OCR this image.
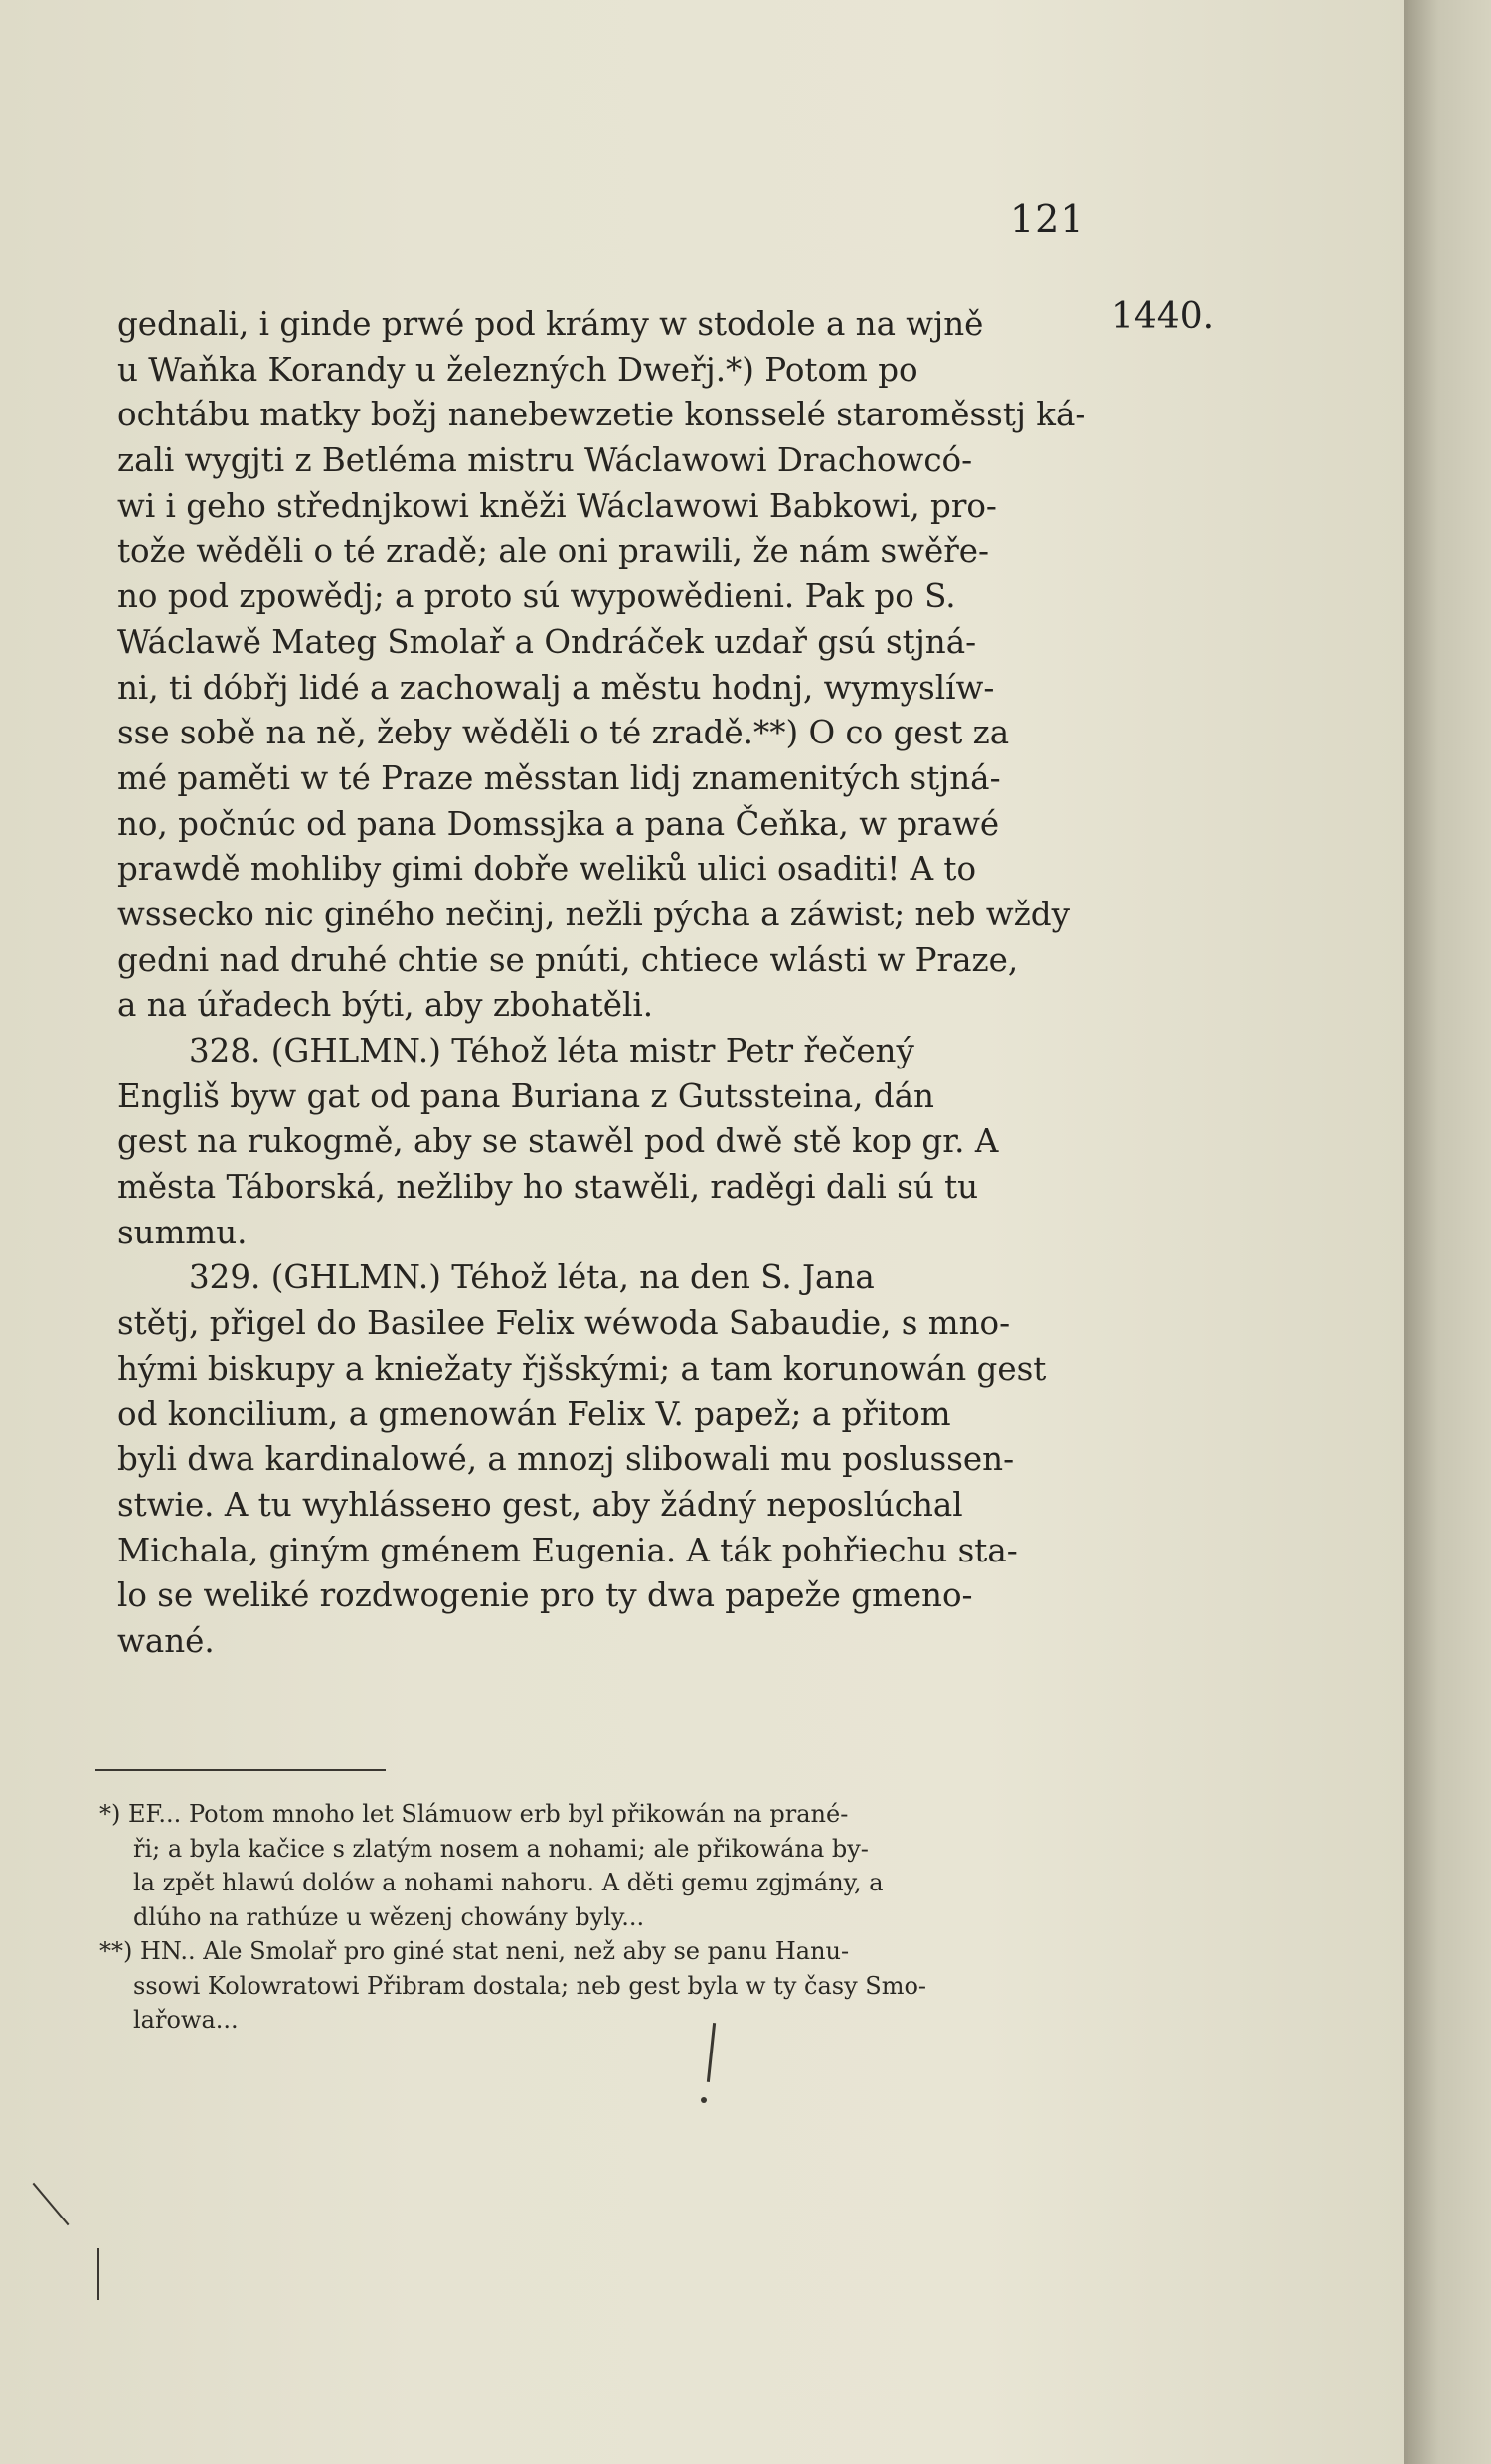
121
1440.
gednali, i ginde prwé pod krámy w stodole a na wjně
u Waňka Korandy u železných Dweřj.*) Potom po
ochtábu matky božj nanebewzetie konsselé staroměsstj ká-
zali wygjti z Betléma mistru Wáclawowi Drachowcó-
wi i geho střednjkowi kněži Wáclawowi Babkowi, pro-
tože wěděli o té zradě; ale oni prawili, že nám swěře-
no pod zpowědj; a proto sú wypowědieni. Pak po S.
Wáclawě Mateg Smolař a Ondráček uzdař gsú stjná-
ni, ti dóbřj lidé a zachowalj a městu hodnj, wymyslíw-
sse sobě na ně, žeby wěděli o té zradě.**) O co gest za
mé paměti w té Praze měsstan lidj znamenitých stjná-
no, počnúc od pana Domssjka a pana Čeňka, w prawé
prawdě mohliby gimi dobře weliků ulici osaditi! A to
wssecko nic giného nečinj, nežli pýcha a záwist; neb wždy
gedni nad druhé chtie se pnúti, chtiece wlásti w Praze,
a na úřadech býti, aby zbohatěli.
328. (GHLMN.) Téhož léta mistr Petr řečený
Engliš byw gat od pana Buriana z Gutssteina, dán
gest na rukogmě, aby se stawěl pod dwě stě kop gr. A
města Táborská, nežliby ho stawěli, raděgi dali sú tu
summu.
329. (GHLMN.) Téhož léta, na den S. Jana
stětj, přigel do Basilee Felix wéwoda Sabaudie, s mno-
hými biskupy a kniežaty řjšskými; a tam korunowán gest
od koncilium, a gmenowán Felix V. papež; a přitom
byli dwa kardinalowé, a mnozj slibowali mu poslussen-
stwie. A tu wyhlássено gest, aby žádný neposlúchal
Michala, giným gménem Eugenia. A ták pohřiechu sta-
lo se weliké rozdwogenie pro ty dwa papeže gmeno-
wané.
*) EF... Potom mnoho let Slámuow erb byl přikowán na prané-
ři; a byla kačice s zlatým nosem a nohami; ale přikowána by-
la zpět hlawú dolów a nohami nahoru. A děti gemu zgjmány, a
dlúho na rathúze u wězenj chowány byly...
**) HN.. Ale Smolař pro giné stat neni, než aby se panu Hanu-
ssowi Kolowratowi Přibram dostala; neb gest byla w ty časy Smo-
lařowa...
